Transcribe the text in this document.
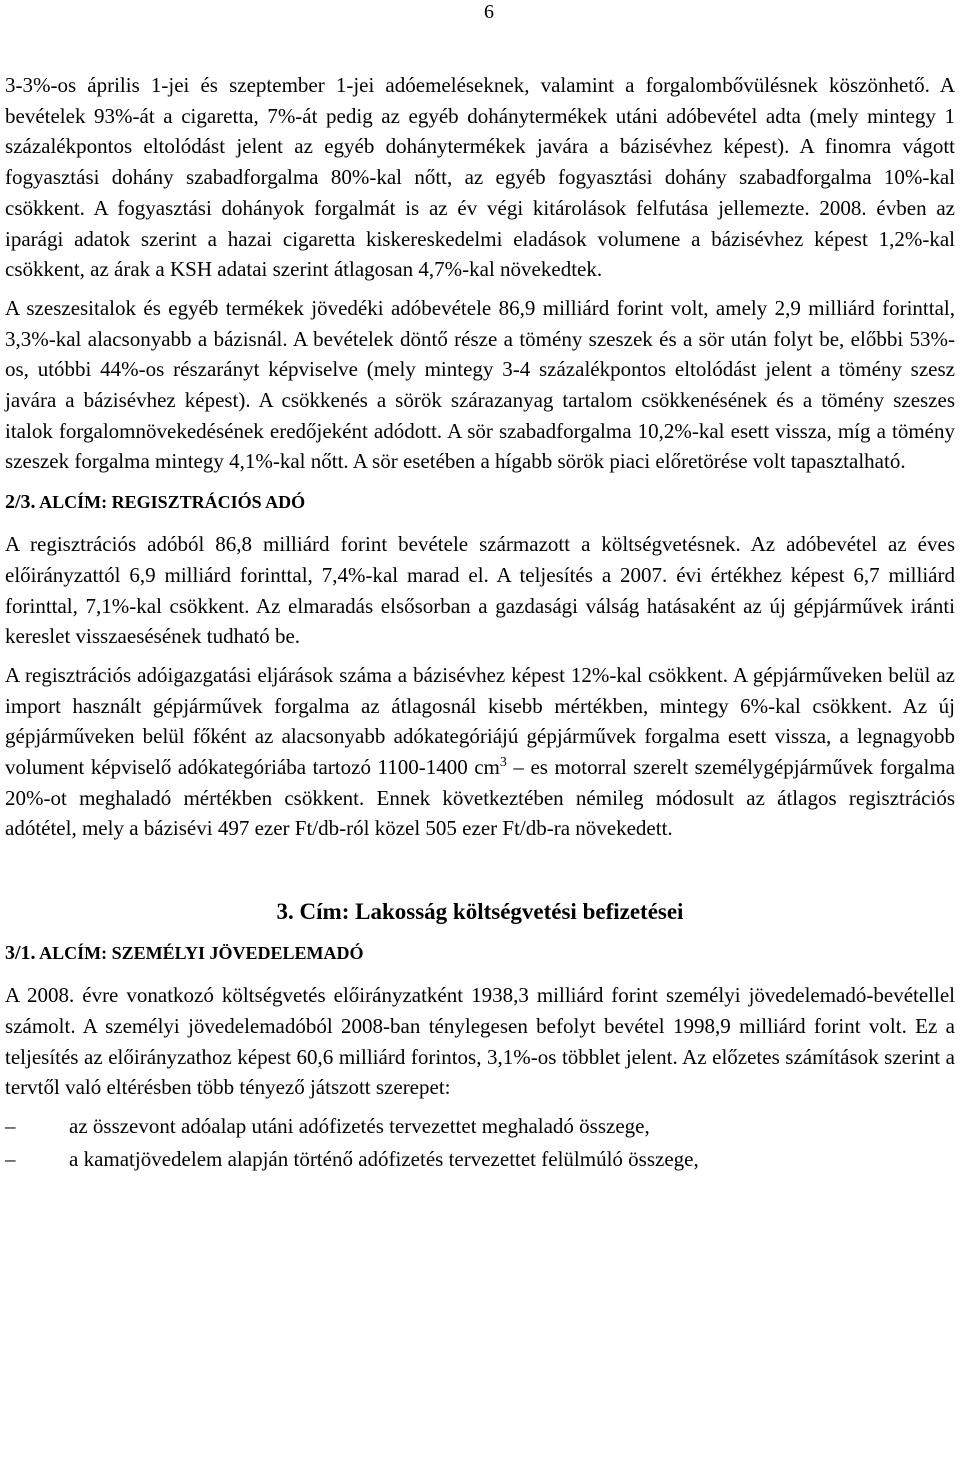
6

3-3%-os április 1-jei és szeptember 1-jei adóemeléseknek, valamint a forgalombővülésnek köszönhető. A bevételek 93%-át a cigaretta, 7%-át pedig az egyéb dohánytermékek utáni adóbevétel adta (mely mintegy 1 százalékpontos eltolódást jelent az egyéb dohánytermékek javára a bázisévhez képest). A finomra vágott fogyasztási dohány szabadforgalma 80%-kal nőtt, az egyéb fogyasztási dohány szabadforgalma 10%-kal csökkent. A fogyasztási dohányok forgalmát is az év végi kitárolások felfutása jellemezte. 2008. évben az iparági adatok szerint a hazai cigaretta kiskereskedelmi eladások volumene a bázisévhez képest 1,2%-kal csökkent, az árak a KSH adatai szerint átlagosan 4,7%-kal növekedtek.

A szeszesitalok és egyéb termékek jövedéki adóbevétele 86,9 milliárd forint volt, amely 2,9 milliárd forinttal, 3,3%-kal alacsonyabb a bázisnál. A bevételek döntő része a tömény szeszek és a sör után folyt be, előbbi 53%-os, utóbbi 44%-os részarányt képviselve (mely mintegy 3-4 százalékpontos eltolódást jelent a tömény szesz javára a bázisévhez képest). A csökkenés a sörök szárazanyag tartalom csökkenésének és a tömény szeszes italok forgalomnövekedésének eredőjeként adódott. A sör szabadforgalma 10,2%-kal esett vissza, míg a tömény szeszek forgalma mintegy 4,1%-kal nőtt. A sör esetében a hígabb sörök piaci előretörése volt tapasztalható.

2/3. ALCÍM: REGISZTRÁCIÓS ADÓ

A regisztrációs adóból 86,8 milliárd forint bevétele származott a költségvetésnek. Az adóbevétel az éves előirányzattól 6,9 milliárd forinttal, 7,4%-kal marad el. A teljesítés a 2007. évi értékhez képest 6,7 milliárd forinttal, 7,1%-kal csökkent. Az elmaradás elsősorban a gazdasági válság hatásaként az új gépjárművek iránti kereslet visszaesésének tudható be.

A regisztrációs adóigazgatási eljárások száma a bázisévhez képest 12%-kal csökkent. A gépjárműveken belül az import használt gépjárművek forgalma az átlagosnál kisebb mértékben, mintegy 6%-kal csökkent. Az új gépjárműveken belül főként az alacsonyabb adókategóriájú gépjárművek forgalma esett vissza, a legnagyobb volument képviselő adókategóriába tartozó 1100-1400 $cm^3$ – es motorral szerelt személygépjárművek forgalma 20%-ot meghaladó mértékben csökkent. Ennek következtében némileg módosult az átlagos regisztrációs adótétel, mely a bázisévi 497 ezer Ft/db-ról közel 505 ezer Ft/db-ra növekedett.

3. Cím: Lakosság költségvetési befizetései
3/1. ALCÍM: SZEMÉLYI JÖVEDELEMADÓ

A 2008. évre vonatkozó költségvetés előirányzatként 1938,3 milliárd forint személyi jövedelemadó-bevétellel számolt. A személyi jövedelemadóból 2008-ban ténylegesen befolyt bevétel 1998,9 milliárd forint volt. Ez a teljesítés az előirányzathoz képest 60,6 milliárd forintos, 3,1%-os többlet jelent. Az előzetes számítások szerint a tervtől való eltérésben több tényező játszott szerepet:

–	az összevont adóalap utáni adófizetés tervezettet meghaladó összege,
–	a kamatjövedelem alapján történő adófizetés tervezettet felülmúló összege,
